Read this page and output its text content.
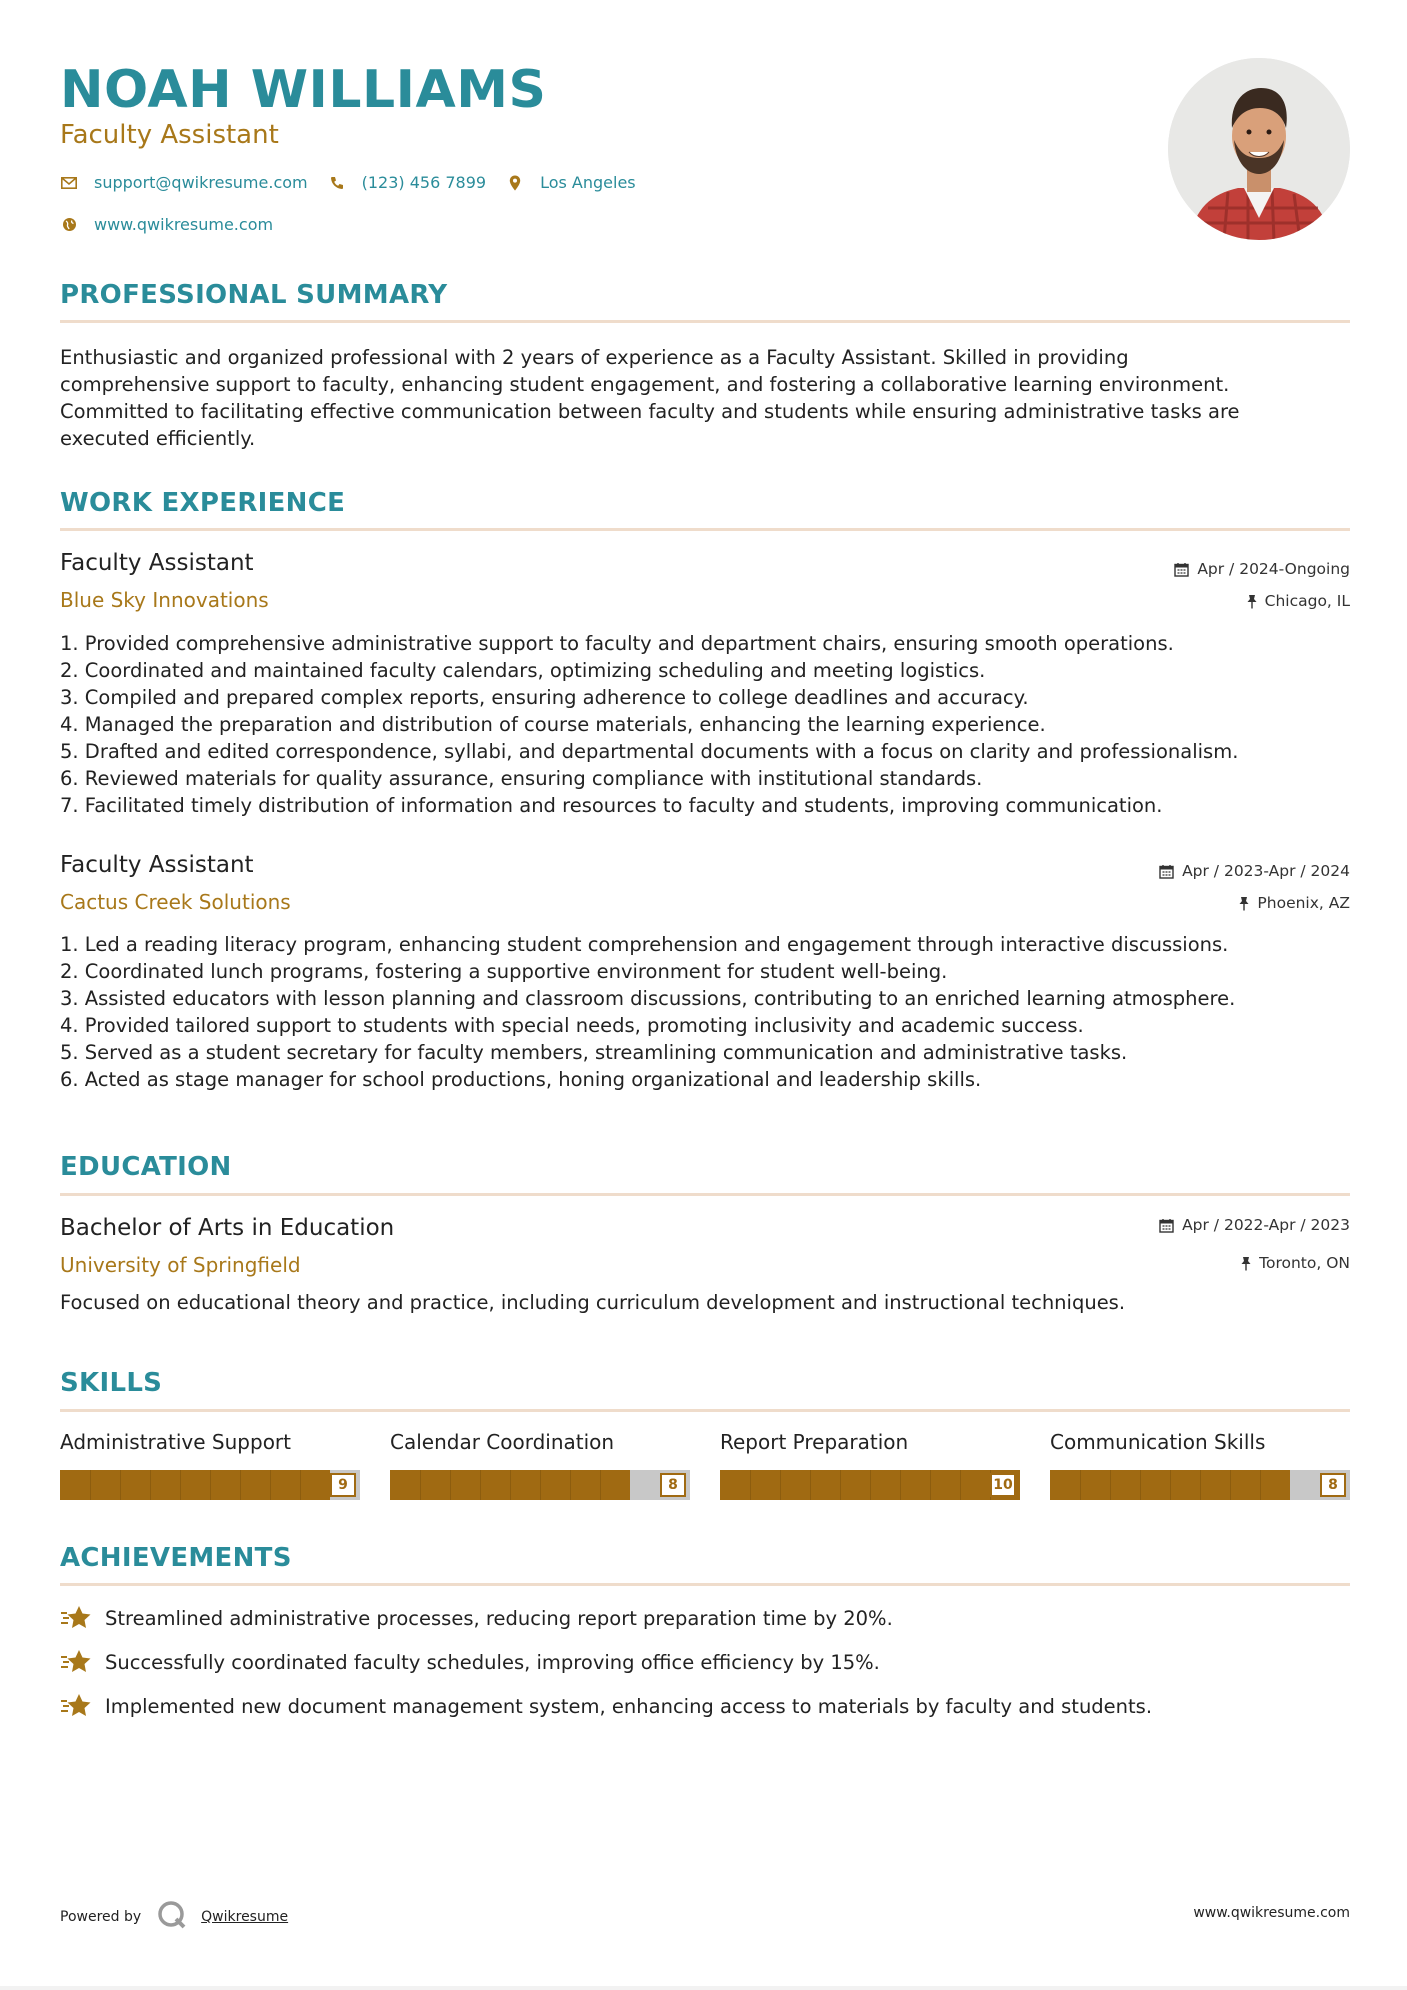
NOAH WILLIAMS
Faculty Assistant
support@qwikresume.com	(123) 456 7899	Los Angeles
www.qwikresume.com
PROFESSIONAL SUMMARY
Enthusiastic and organized professional with 2 years of experience as a Faculty Assistant. Skilled in providing
comprehensive support to faculty, enhancing student engagement, and fostering a collaborative learning environment.
Committed to facilitating effective communication between faculty and students while ensuring administrative tasks are
executed efficiently.
WORK EXPERIENCE
Faculty Assistant	Apr / 2024-Ongoing
Blue Sky Innovations	Chicago, IL
1. Provided comprehensive administrative support to faculty and department chairs, ensuring smooth operations.
2. Coordinated and maintained faculty calendars, optimizing scheduling and meeting logistics.
3. Compiled and prepared complex reports, ensuring adherence to college deadlines and accuracy.
4. Managed the preparation and distribution of course materials, enhancing the learning experience.
5. Drafted and edited correspondence, syllabi, and departmental documents with a focus on clarity and professionalism.
6. Reviewed materials for quality assurance, ensuring compliance with institutional standards.
7. Facilitated timely distribution of information and resources to faculty and students, improving communication.
Faculty Assistant	Apr / 2023-Apr / 2024
Cactus Creek Solutions	Phoenix, AZ
1. Led a reading literacy program, enhancing student comprehension and engagement through interactive discussions.
2. Coordinated lunch programs, fostering a supportive environment for student well-being.
3. Assisted educators with lesson planning and classroom discussions, contributing to an enriched learning atmosphere.
4. Provided tailored support to students with special needs, promoting inclusivity and academic success.
5. Served as a student secretary for faculty members, streamlining communication and administrative tasks.
6. Acted as stage manager for school productions, honing organizational and leadership skills.
EDUCATION
Bachelor of Arts in Education	Apr / 2022-Apr / 2023
University of Springfield	Toronto, ON
Focused on educational theory and practice, including curriculum development and instructional techniques.
SKILLS
Administrative Support
9
Calendar Coordination
8
Report Preparation
10
Communication Skills
8
ACHIEVEMENTS
Streamlined administrative processes, reducing report preparation time by 20%.
Successfully coordinated faculty schedules, improving office efficiency by 15%.
Implemented new document management system, enhancing access to materials by faculty and students.
Powered by	Qwikresume	www.qwikresume.com
